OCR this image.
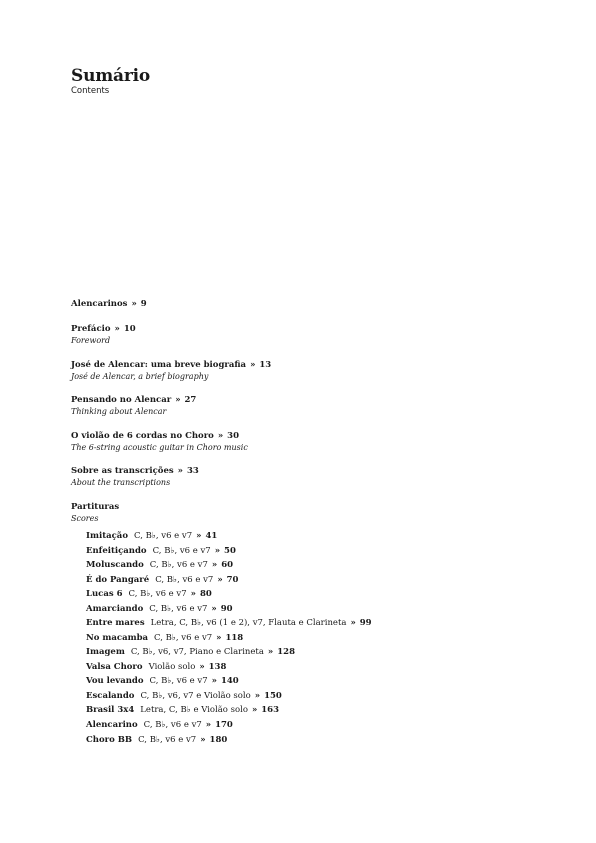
Sumário
Contents
Alencarinos » 9
Prefácio » 10
Foreword
José de Alencar: uma breve biografia » 13
José de Alencar, a brief biography
Pensando no Alencar » 27
Thinking about Alencar
O violão de 6 cordas no Choro » 30
The 6-string acoustic guitar in Choro music
Sobre as transcrições » 33
About the transcriptions
Partituras
Scores
Imitação C, B♭, v6 e v7 » 41
Enfeitiçando C, B♭, v6 e v7 » 50
Moluscando C, B♭, v6 e v7 » 60
É do Pangaré C, B♭, v6 e v7 » 70
Lucas 6 C, B♭, v6 e v7 » 80
Amarciando C, B♭, v6 e v7 » 90
Entre mares Letra, C, B♭, v6 (1 e 2), v7, Flauta e Clarineta » 99
No macamba C, B♭, v6 e v7 » 118
Imagem C, B♭, v6, v7, Piano e Clarineta » 128
Valsa Choro Violão solo » 138
Vou levando C, B♭, v6 e v7 » 140
Escalando C, B♭, v6, v7 e Violão solo » 150
Brasil 3x4 Letra, C, B♭ e Violão solo » 163
Alencarino C, B♭, v6 e v7 » 170
Choro BB C, B♭, v6 e v7 » 180
